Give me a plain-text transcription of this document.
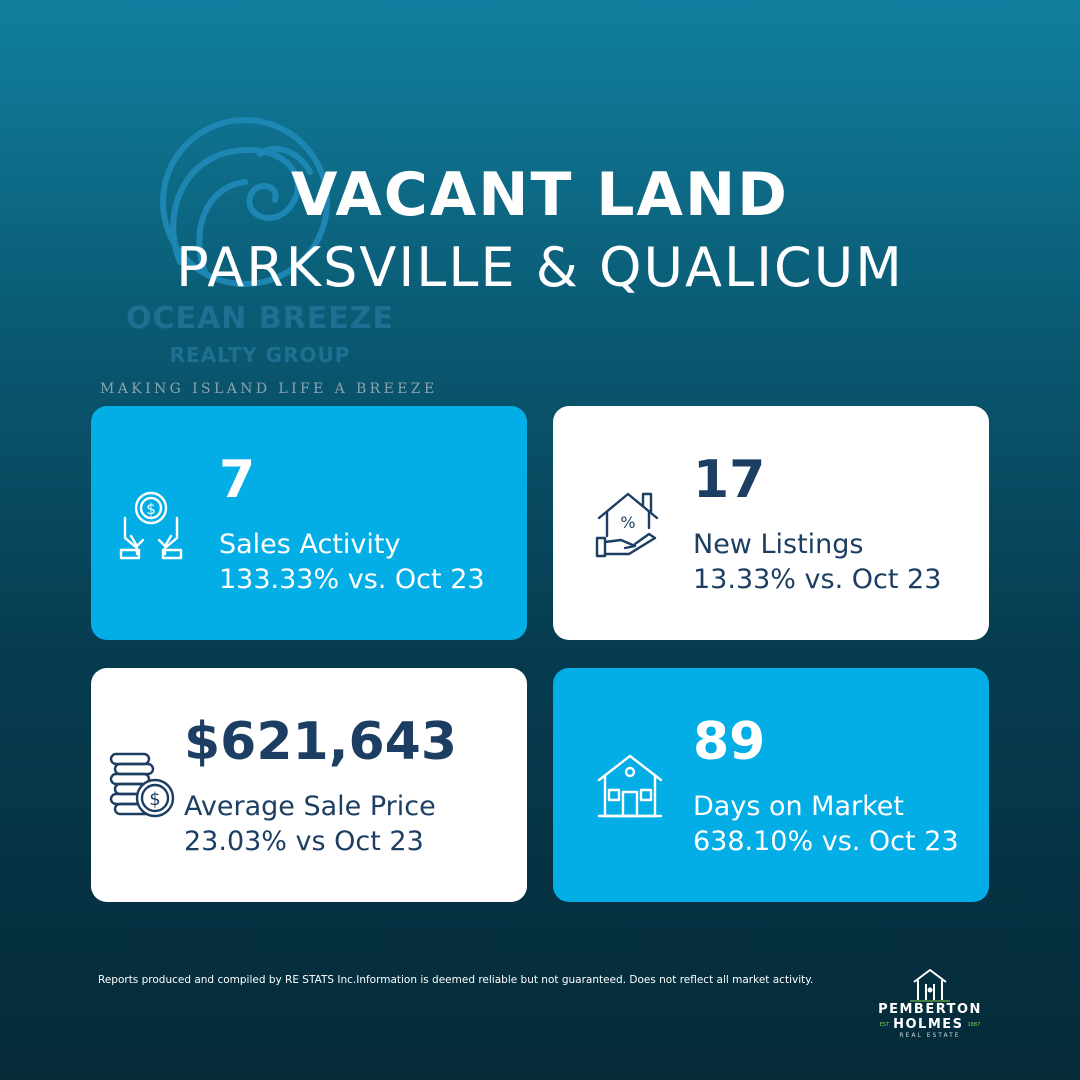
OCEAN BREEZE
REALTY GROUP
MAKING ISLAND LIFE A BREEZE
VACANT LAND
PARKSVILLE & QUALICUM
$ 7
Sales Activity
133.33% vs. Oct 23
%
17
New Listings
13.33% vs. Oct 23
$
$621,643
Average Sale Price
23.03% vs Oct 23
89
Days on Market
638.10% vs. Oct 23
Reports produced and compiled by RE STATS Inc.Information is deemed reliable but not guaranteed. Does not reflect all market activity.
PEMBERTON
EST HOLMES 1887
REAL ESTATE
